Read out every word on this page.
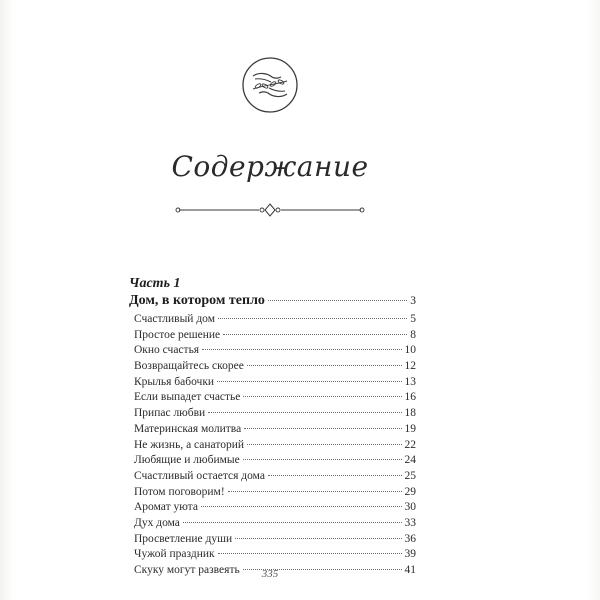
Содержание
Часть 1
Дом, в котором тепло	3
Счастливый дом	5
Простое решение	8
Окно счастья	10
Возвращайтесь скорее	12
Крылья бабочки	13
Если выпадет счастье	16
Припас любви	18
Материнская молитва	19
Не жизнь, а санаторий	22
Любящие и любимые	24
Счастливый остается дома	25
Потом поговорим!	29
Аромат уюта	30
Дух дома	33
Просветление души	36
Чужой праздник	39
Скуку могут развеять	41
335
